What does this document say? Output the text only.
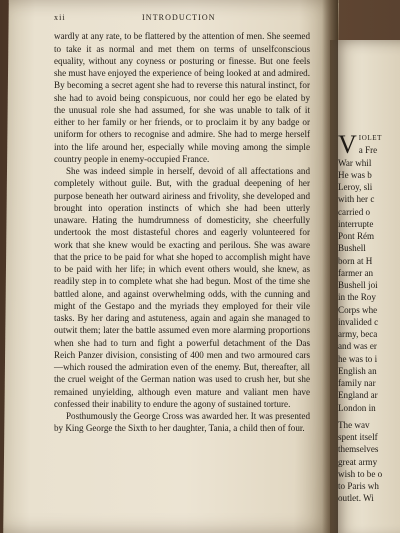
V IOLET
a Fre
War whil
He was b
Leroy, sli
with her c
carried o
interrupte
Pont Rém
Bushell
born at H
farmer an
Bushell joi
in the Roy
Corps whe
invalided c
army, beca
and was er
he was to i
English an
family nar
England ar
London in
The wav
spent itself
themselves
great army
wish to be o
to Paris wh
outlet. Wi
xii	INTRODUCTION

wardly at any rate, to be flattered by the attention of men. She seemed to take it as normal and met them on terms of unselfconscious equality, without any coyness or posturing or finesse. But one feels she must have enjoyed the experience of being looked at and admired. By becoming a secret agent she had to reverse this natural instinct, for she had to avoid being conspicuous, nor could her ego be elated by the unusual role she had assumed, for she was unable to talk of it either to her family or her friends, or to proclaim it by any badge or uniform for others to recognise and admire. She had to merge herself into the life around her, especially while moving among the simple country people in enemy-occupied France.

She was indeed simple in herself, devoid of all affectations and completely without guile. But, with the gradual deepening of her purpose beneath her outward airiness and frivolity, she developed and brought into operation instincts of which she had been utterly unaware. Hating the humdrumness of domesticity, she cheerfully undertook the most distasteful chores and eagerly volunteered for work that she knew would be exacting and perilous. She was aware that the price to be paid for what she hoped to accomplish might have to be paid with her life; in which event others would, she knew, as readily step in to complete what she had begun. Most of the time she battled alone, and against overwhelming odds, with the cunning and might of the Gestapo and the myriads they employed for their vile tasks. By her daring and astuteness, again and again she managed to outwit them; later the battle assumed even more alarming proportions when she had to turn and fight a powerful detachment of the Das Reich Panzer division, consisting of 400 men and two armoured cars—which roused the admiration even of the enemy. But, thereafter, all the cruel weight of the German nation was used to crush her, but she remained unyielding, although even mature and valiant men have confessed their inability to endure the agony of sustained torture.

Posthumously the George Cross was awarded her. It was presented by King George the Sixth to her daughter, Tania, a child then of four.
